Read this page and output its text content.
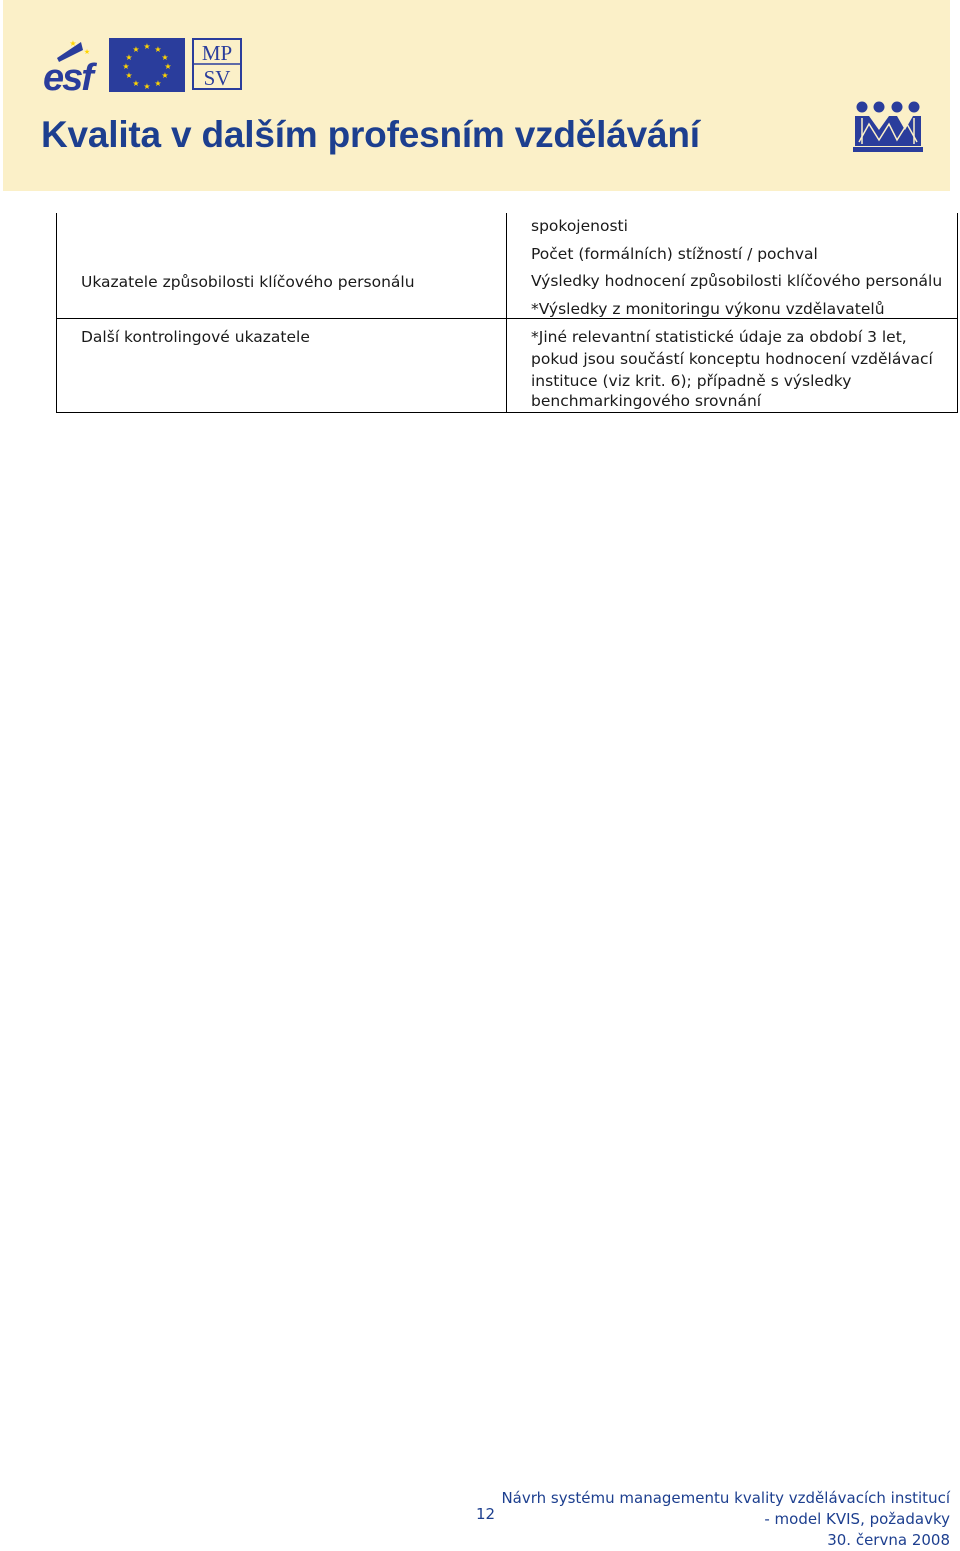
★ ★
★
★
★
★
★
★
★
★
★
★
★
★
esf
MP
SV
Kvalita v dalším profesním vzdělávání
spokojenosti
Počet (formálních) stížností / pochval
Ukazatele způsobilosti klíčového personálu	Výsledky hodnocení způsobilosti klíčového personálu
*Výsledky z monitoringu výkonu vzdělavatelů
Další kontrolingové ukazatele	*Jiné relevantní statistické údaje za období 3 let,
pokud jsou součástí konceptu hodnocení vzdělávací
instituce (viz krit. 6); případně s výsledky
benchmarkingového srovnání
12
Návrh systému managementu kvality vzdělávacích institucí
- model KVIS, požadavky
30. června 2008
